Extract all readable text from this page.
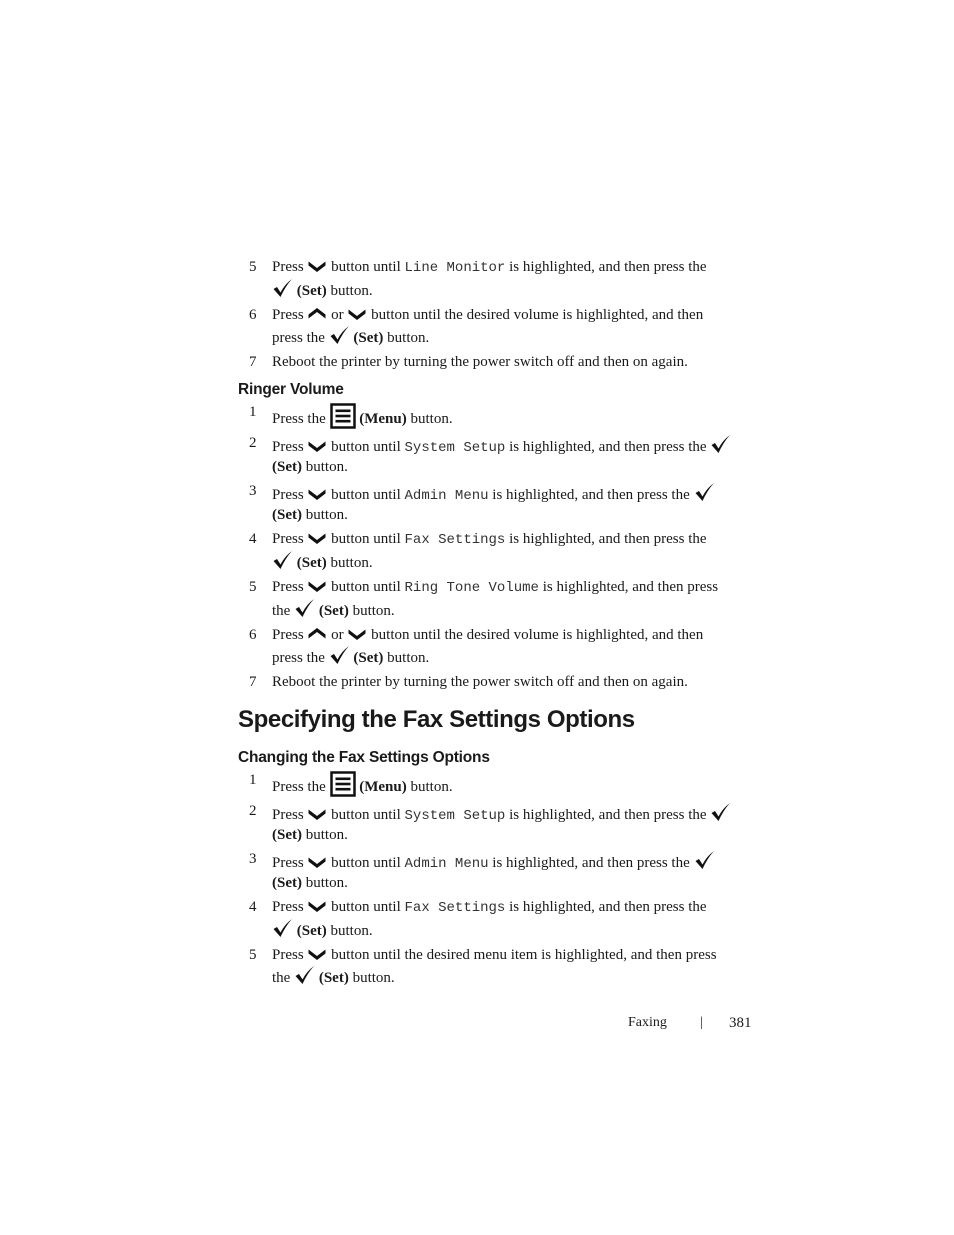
5 Press
button until Line Monitor is highlighted, and then press the

(Set) button.
6 Press
or
button until the desired volume is highlighted, and then
press the
(Set) button.
7 Reboot the printer by turning the power switch off and then on again.
Ringer Volume
1 Press the
(Menu) button.
2 Press
button until System Setup is highlighted, and then press the

(Set) button.
3 Press
button until Admin Menu is highlighted, and then press the

(Set) button.
4 Press
button until Fax Settings is highlighted, and then press the

(Set) button.
5 Press
button until Ring Tone Volume is highlighted, and then press
the
(Set) button.
6 Press
or
button until the desired volume is highlighted, and then
press the
(Set) button.
7 Reboot the printer by turning the power switch off and then on again.
Specifying the Fax Settings Options
Changing the Fax Settings Options
1 Press the
(Menu) button.
2 Press
button until System Setup is highlighted, and then press the

(Set) button.
3 Press
button until Admin Menu is highlighted, and then press the

(Set) button.
4 Press
button until Fax Settings is highlighted, and then press the

(Set) button.
5 Press
button until the desired menu item is highlighted, and then press
the
(Set) button.
Faxing | 381
